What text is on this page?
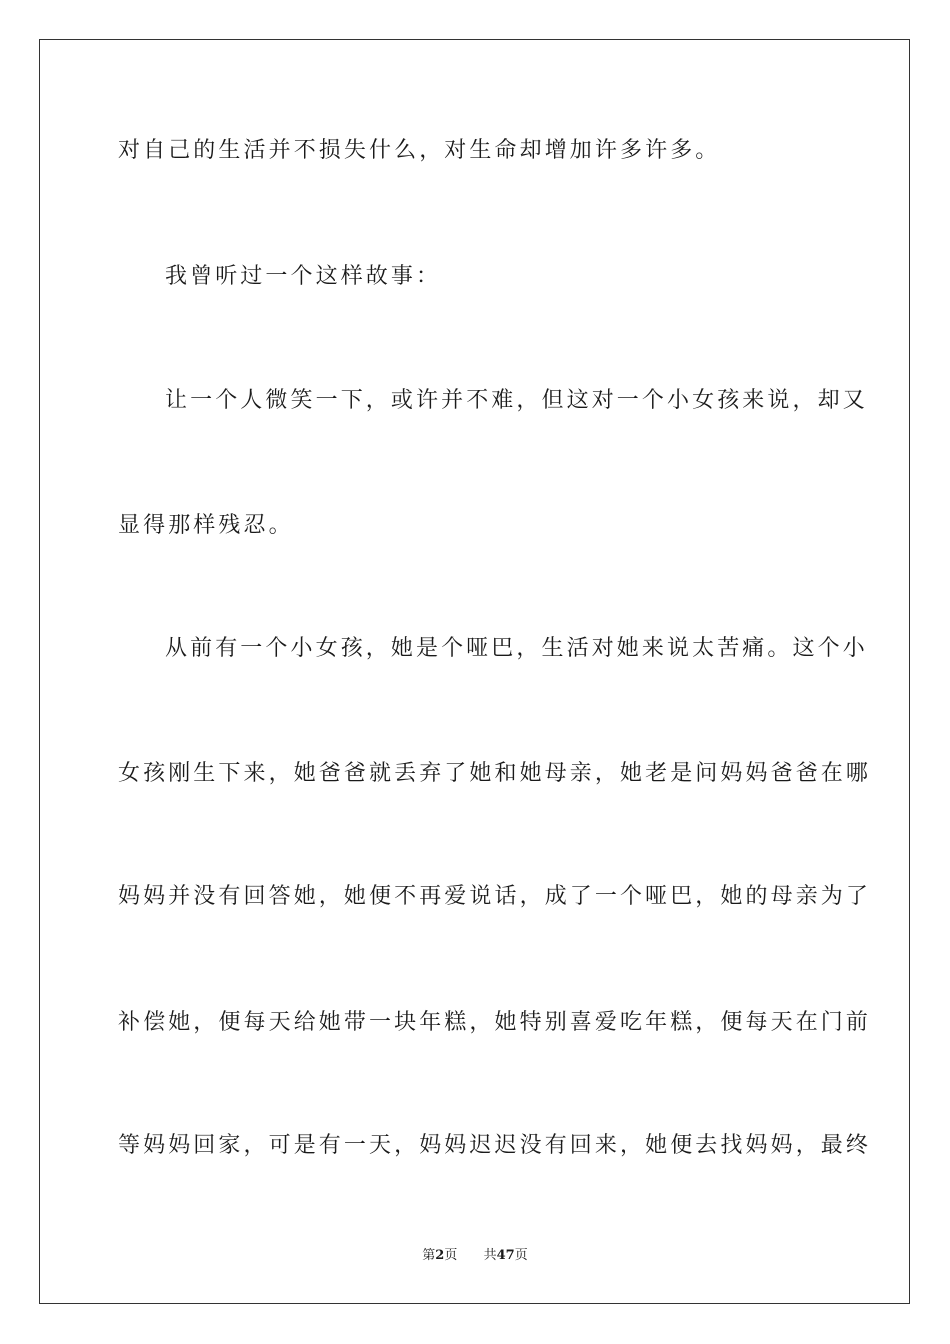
对自己的生活并不损失什么，对生命却增加许多许多。
我曾听过一个这样故事：
让一个人微笑一下，或许并不难，但这对一个小女孩来说，却又
显得那样残忍。
从前有一个小女孩，她是个哑巴，生活对她来说太苦痛。这个小
女孩刚生下来，她爸爸就丢弃了她和她母亲，她老是问妈妈爸爸在哪
妈妈并没有回答她，她便不再爱说话，成了一个哑巴，她的母亲为了
补偿她，便每天给她带一块年糕，她特别喜爱吃年糕，便每天在门前
等妈妈回家，可是有一天，妈妈迟迟没有回来，她便去找妈妈，最终
第2页 共47页
